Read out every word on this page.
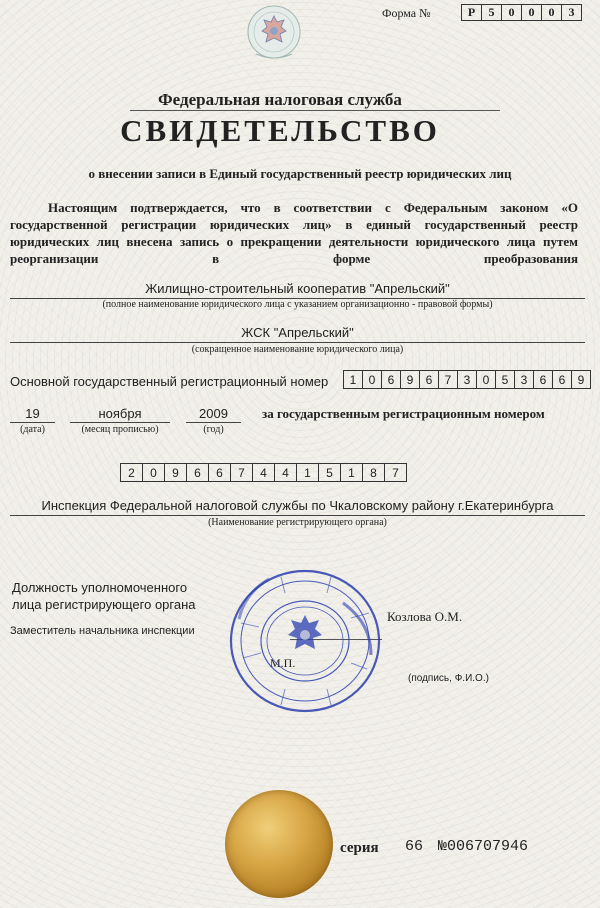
Форма №	Р	5	0	0	0	3
Федеральная налоговая служба
СВИДЕТЕЛЬСТВО
о внесении записи в Единый государственный реестр юридических лиц
Настоящим подтверждается, что в соответствии с Федеральным законом «О государственной регистрации юридических лиц» в единый государственный реестр юридических лиц внесена запись о прекращении деятельности юридического лица путем реорганизации в форме преобразования
Жилищно-строительный кооператив "Апрельский"
(полное наименование юридического лица с указанием организационно - правовой формы)
ЖСК "Апрельский"
(сокращенное наименование юридического лица)
Основной государственный регистрационный номер	1	0	6	9	6	7	3	0	5	3	6	6	9
19
(дата)
ноября
(месяц прописью)
2009
(год)
за государственным регистрационным номером
2	0	9	6	6	7	4	4	1	5	1	8	7
Инспекция Федеральной налоговой службы по Чкаловскому району г.Екатеринбурга
(Наименование регистрирующего органа)
Должность уполномоченного
лица регистрирующего органа
Заместитель начальника инспекции
Козлова О.М.
М.П.
(подпись, Ф.И.О.)
серия 66 №006707946
